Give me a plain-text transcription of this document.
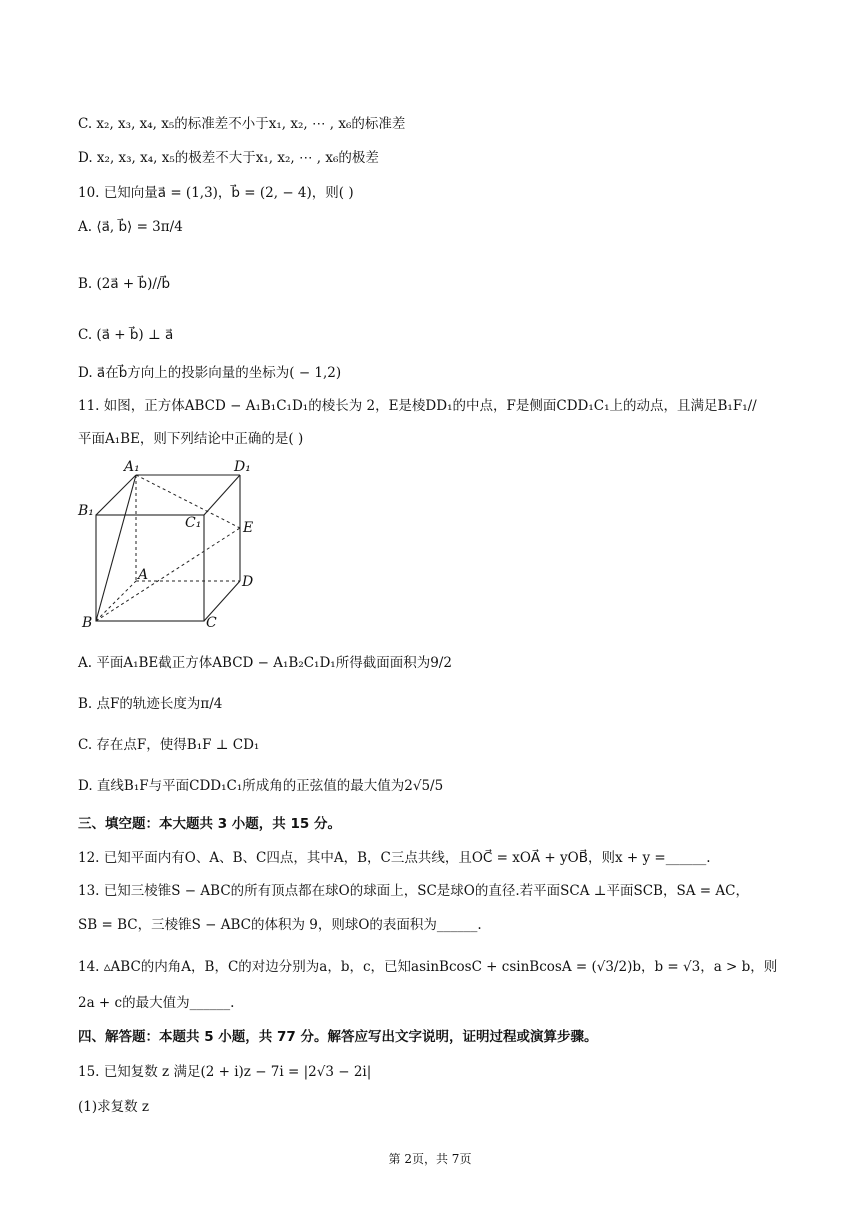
C. x₂, x₃, x₄, x₅的标准差不小于x₁, x₂, ⋯ , x₆的标准差
D. x₂, x₃, x₄, x₅的极差不大于x₁, x₂, ⋯ , x₆的极差
10. 已知向量a⃗ = (1,3)，b⃗ = (2, − 4)，则( )
A. ⟨a⃗, b⃗⟩ = 3π/4
B. (2a⃗ + b⃗)//b⃗
C. (a⃗ + b⃗) ⊥ a⃗
D. a⃗在b⃗方向上的投影向量的坐标为( − 1,2)
11. 如图，正方体ABCD − A₁B₁C₁D₁的棱长为 2，E是棱DD₁的中点，F是侧面CDD₁C₁上的动点，且满足B₁F₁//
平面A₁BE，则下列结论中正确的是( )
A₁	D₁
B₁
C₁	E
A	D
B	C
A. 平面A₁BE截正方体ABCD − A₁B₂C₁D₁所得截面面积为9/2
B. 点F的轨迹长度为π/4
C. 存在点F，使得B₁F ⊥ CD₁
D. 直线B₁F与平面CDD₁C₁所成角的正弦值的最大值为2√5/5
三、填空题：本大题共 3 小题，共 15 分。
12. 已知平面内有O、A、B、C四点，其中A，B，C三点共线，且OC⃗ = xOA⃗ + yOB⃗，则x + y =______.
13. 已知三棱锥S − ABC的所有顶点都在球O的球面上，SC是球O的直径.若平面SCA ⊥平面SCB，SA = AC，
SB = BC，三棱锥S − ABC的体积为 9，则球O的表面积为______.
14. ▵ABC的内角A，B，C的对边分别为a，b，c，已知asinBcosC + csinBcosA = (√3/2)b，b = √3，a > b，则
2a + c的最大值为______.
四、解答题：本题共 5 小题，共 77 分。解答应写出文字说明，证明过程或演算步骤。
15. 已知复数 z 满足(2 + i)z − 7i = |2√3 − 2i|
(1)求复数 z
第 2页，共 7页
